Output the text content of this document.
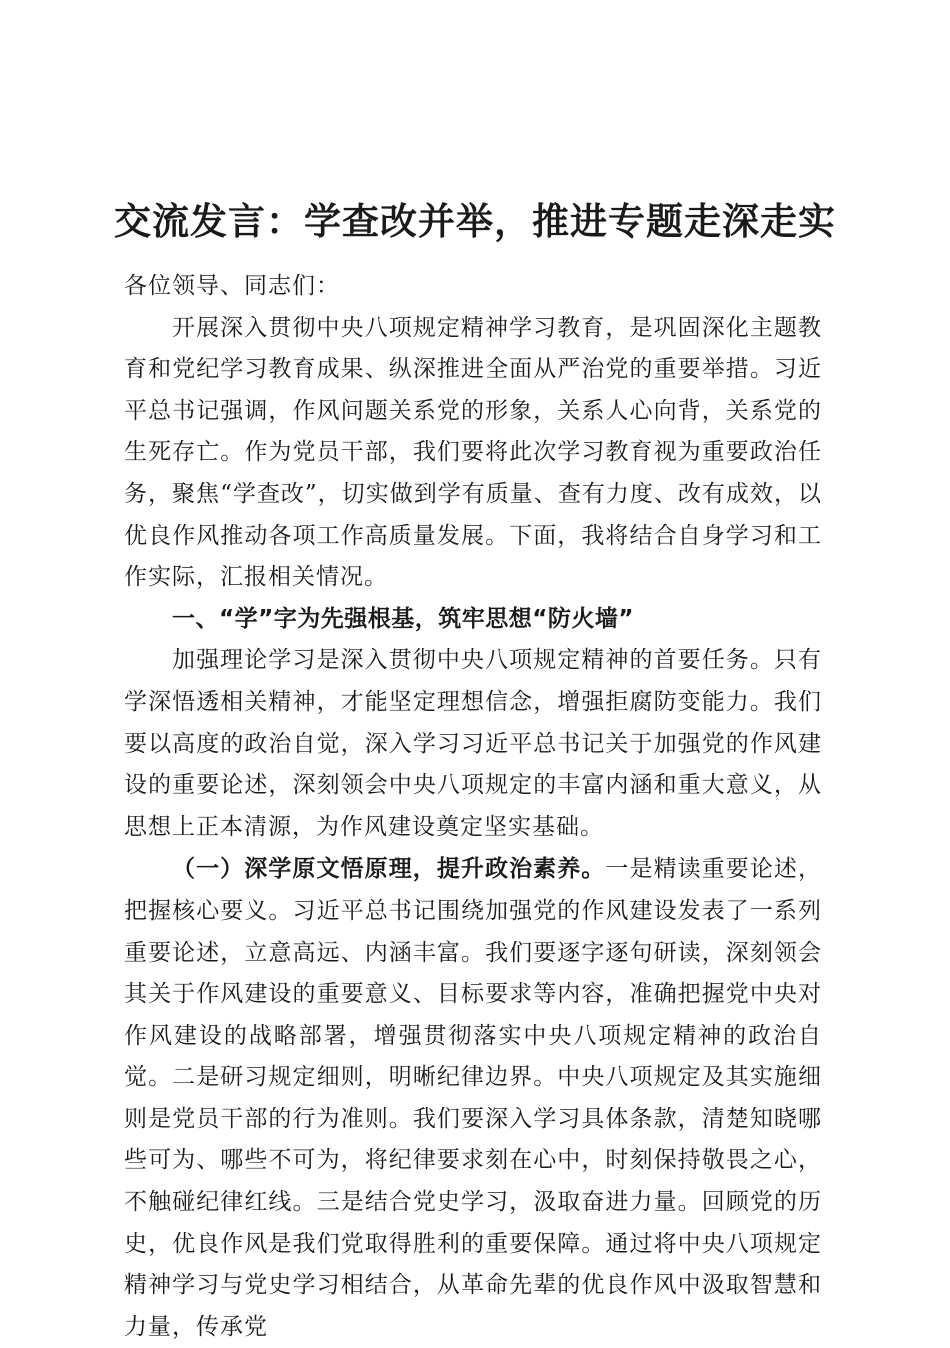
交流发言：学查改并举，推进专题走深走实

各位领导、同志们：

开展深入贯彻中央八项规定精神学习教育，是巩固深化主题教育和党纪学习教育成果、纵深推进全面从严治党的重要举措。习近平总书记强调，作风问题关系党的形象，关系人心向背，关系党的生死存亡。作为党员干部，我们要将此次学习教育视为重要政治任务，聚焦“学查改”，切实做到学有质量、查有力度、改有成效，以优良作风推动各项工作高质量发展。下面，我将结合自身学习和工作实际，汇报相关情况。

一、“学”字为先强根基，筑牢思想“防火墙”

加强理论学习是深入贯彻中央八项规定精神的首要任务。只有学深悟透相关精神，才能坚定理想信念，增强拒腐防变能力。我们要以高度的政治自觉，深入学习习近平总书记关于加强党的作风建设的重要论述，深刻领会中央八项规定的丰富内涵和重大意义，从思想上正本清源，为作风建设奠定坚实基础。

（一）深学原文悟原理，提升政治素养。一是精读重要论述，把握核心要义。习近平总书记围绕加强党的作风建设发表了一系列重要论述，立意高远、内涵丰富。我们要逐字逐句研读，深刻领会其关于作风建设的重要意义、目标要求等内容，准确把握党中央对作风建设的战略部署，增强贯彻落实中央八项规定精神的政治自觉。二是研习规定细则，明晰纪律边界。中央八项规定及其实施细则是党员干部的行为准则。我们要深入学习具体条款，清楚知晓哪些可为、哪些不可为，将纪律要求刻在心中，时刻保持敬畏之心，不触碰纪律红线。三是结合党史学习，汲取奋进力量。回顾党的历史，优良作风是我们党取得胜利的重要保障。通过将中央八项规定精神学习与党史学习相结合，从革命先辈的优良作风中汲取智慧和力量，传承党
